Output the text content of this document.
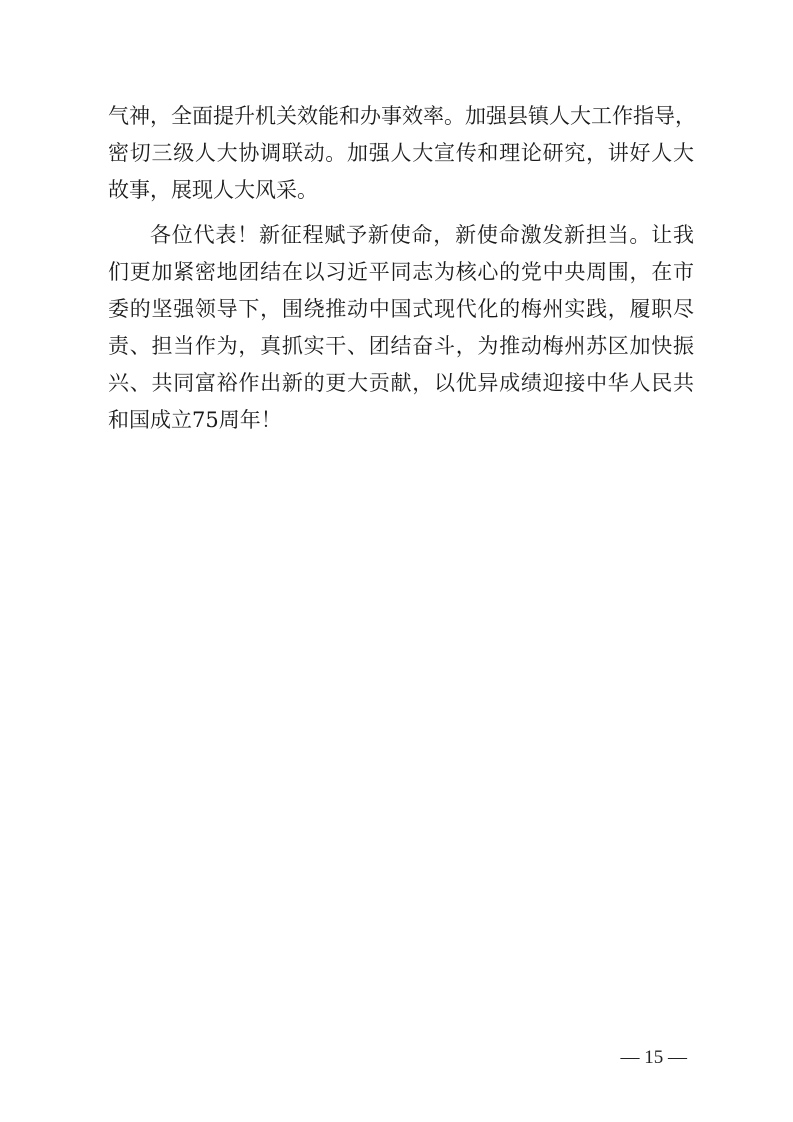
气神，全面提升机关效能和办事效率。加强县镇人大工作指导，
密切三级人大协调联动。加强人大宣传和理论研究，讲好人大
故事，展现人大风采。
各位代表！新征程赋予新使命，新使命激发新担当。让我
们更加紧密地团结在以习近平同志为核心的党中央周围，在市
委的坚强领导下，围绕推动中国式现代化的梅州实践，履职尽
责、担当作为，真抓实干、团结奋斗，为推动梅州苏区加快振
兴、共同富裕作出新的更大贡献，以优异成绩迎接中华人民共
和国成立75周年！
— 15 —
